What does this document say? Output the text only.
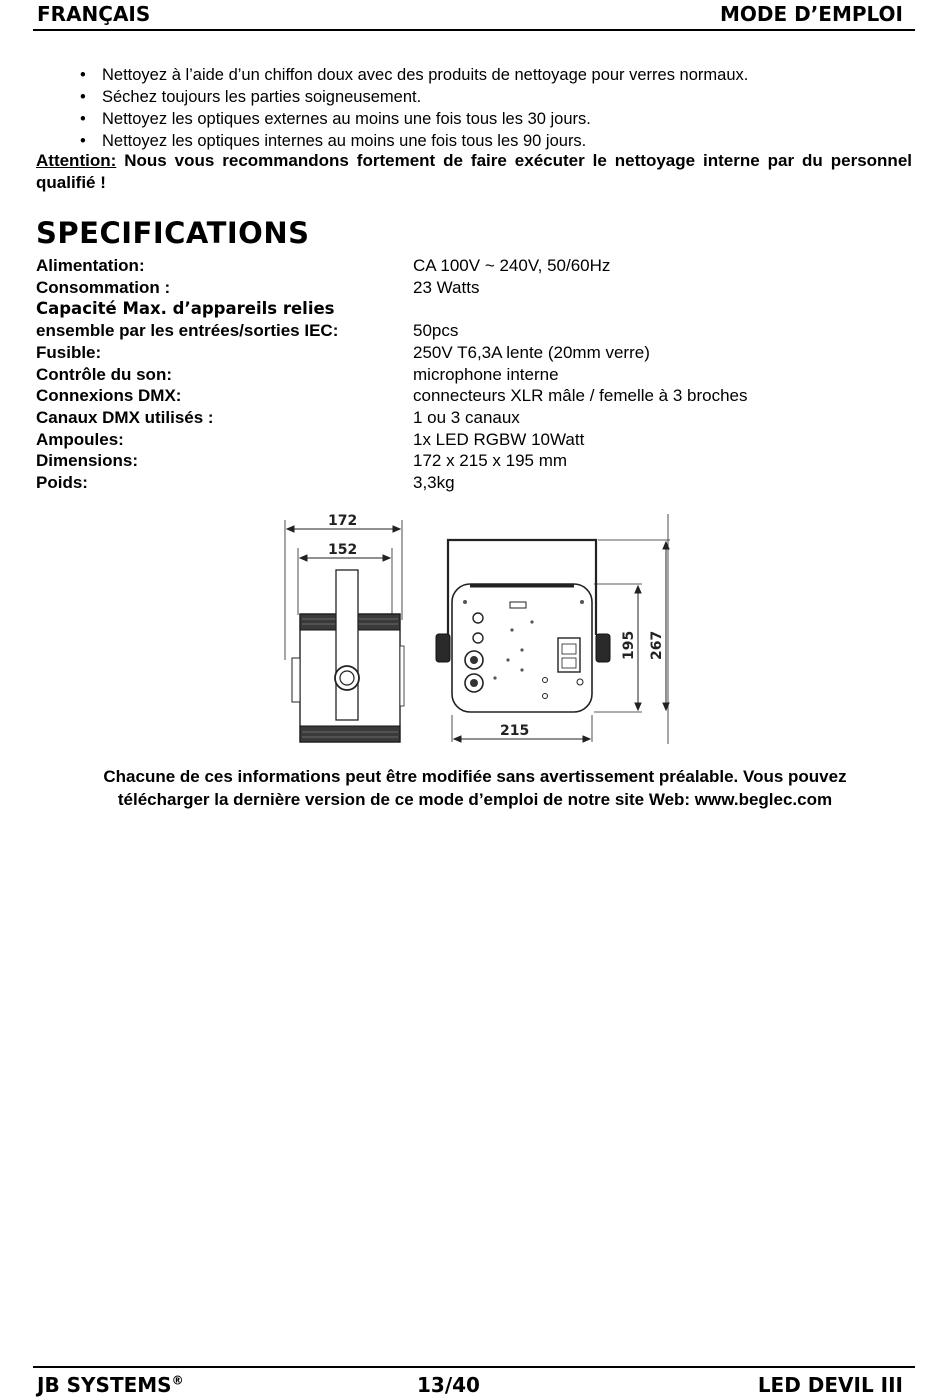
FRANÇAIS	MODE D’EMPLOI
• Nettoyez à l’aide d’un chiffon doux avec des produits de nettoyage pour verres normaux.
• Séchez toujours les parties soigneusement.
• Nettoyez les optiques externes au moins une fois tous les 30 jours.
• Nettoyez les optiques internes au moins une fois tous les 90 jours.
Attention: Nous vous recommandons fortement de faire exécuter le nettoyage interne par du personnel qualifié !
SPECIFICATIONS
Alimentation:	CA 100V ~ 240V, 50/60Hz
Consommation :	23 Watts
Capacité Max. d’appareils relies
ensemble par les entrées/sorties IEC:	50pcs
Fusible:	250V T6,3A lente (20mm verre)
Contrôle du son:	microphone interne
Connexions DMX:	connecteurs XLR mâle / femelle à 3 broches
Canaux DMX utilisés :	1 ou 3 canaux
Ampoules:	1x LED RGBW 10Watt
Dimensions:	172 x 215 x 195 mm
Poids:	3,3kg
172
152
215
195 267
Chacune de ces informations peut être modifiée sans avertissement préalable. Vous pouvez
télécharger la dernière version de ce mode d’emploi de notre site Web: www.beglec.com
JB SYSTEMS®	13/40	LED DEVIL III
